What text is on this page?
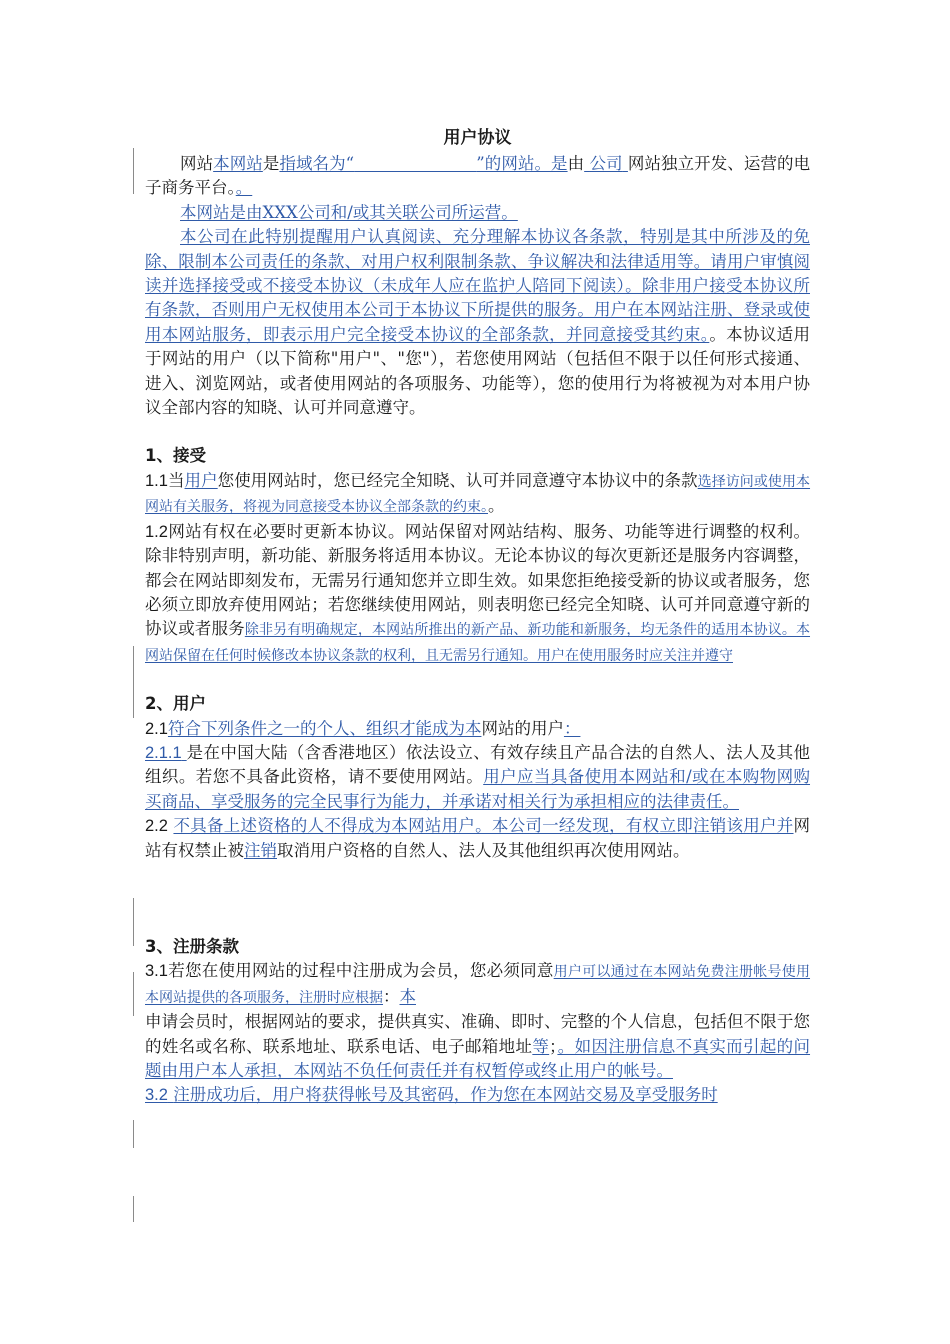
用户协议

网站本网站是指域名为“	”的网站。是由 公司 网站独立开发、运营的电子商务平台。。

本网站是由XXX公司和/或其关联公司所运营。

本公司在此特别提醒用户认真阅读、充分理解本协议各条款，特别是其中所涉及的免除、限制本公司责任的条款、对用户权利限制条款、争议解决和法律适用等。请用户审慎阅读并选择接受或不接受本协议（未成年人应在监护人陪同下阅读）。除非用户接受本协议所有条款，否则用户无权使用本公司于本协议下所提供的服务。用户在本网站注册、登录或使用本网站服务，即表示用户完全接受本协议的全部条款，并同意接受其约束。。本协议适用于网站的用户（以下简称"用户"、"您"），若您使用网站（包括但不限于以任何形式接通、进入、浏览网站，或者使用网站的各项服务、功能等），您的使用行为将被视为对本用户协议全部内容的知晓、认可并同意遵守。

1、接受

1.1当用户您使用网站时，您已经完全知晓、认可并同意遵守本协议中的条款选择访问或使用本网站有关服务，将视为同意接受本协议全部条款的约束。。

1.2网站有权在必要时更新本协议。网站保留对网站结构、服务、功能等进行调整的权利。除非特别声明，新功能、新服务将适用本协议。无论本协议的每次更新还是服务内容调整，都会在网站即刻发布，无需另行通知您并立即生效。如果您拒绝接受新的协议或者服务，您必须立即放弃使用网站；若您继续使用网站，则表明您已经完全知晓、认可并同意遵守新的协议或者服务除非另有明确规定，本网站所推出的新产品、新功能和新服务，均无条件的适用本协议。本网站保留在任何时候修改本协议条款的权利，且无需另行通知。用户在使用服务时应关注并遵守

2、用户

2.1符合下列条件之一的个人、组织才能成为本网站的用户：

2.1.1 是在中国大陆（含香港地区）依法设立、有效存续且产品合法的自然人、法人及其他组织。若您不具备此资格，请不要使用网站。用户应当具备使用本网站和/或在本购物网购买商品、享受服务的完全民事行为能力，并承诺对相关行为承担相应的法律责任。

2.2 不具备上述资格的人不得成为本网站用户。本公司一经发现，有权立即注销该用户并网站有权禁止被注销取消用户资格的自然人、法人及其他组织再次使用网站。

3、注册条款

3.1若您在使用网站的过程中注册成为会员，您必须同意用户可以通过在本网站免费注册帐号使用本网站提供的各项服务，注册时应根据：本

申请会员时，根据网站的要求，提供真实、准确、即时、完整的个人信息，包括但不限于您的姓名或名称、联系地址、联系电话、电子邮箱地址等；。如因注册信息不真实而引起的问题由用户本人承担，本网站不负任何责任并有权暂停或终止用户的帐号。

3.2 注册成功后，用户将获得帐号及其密码，作为您在本网站交易及享受服务时
